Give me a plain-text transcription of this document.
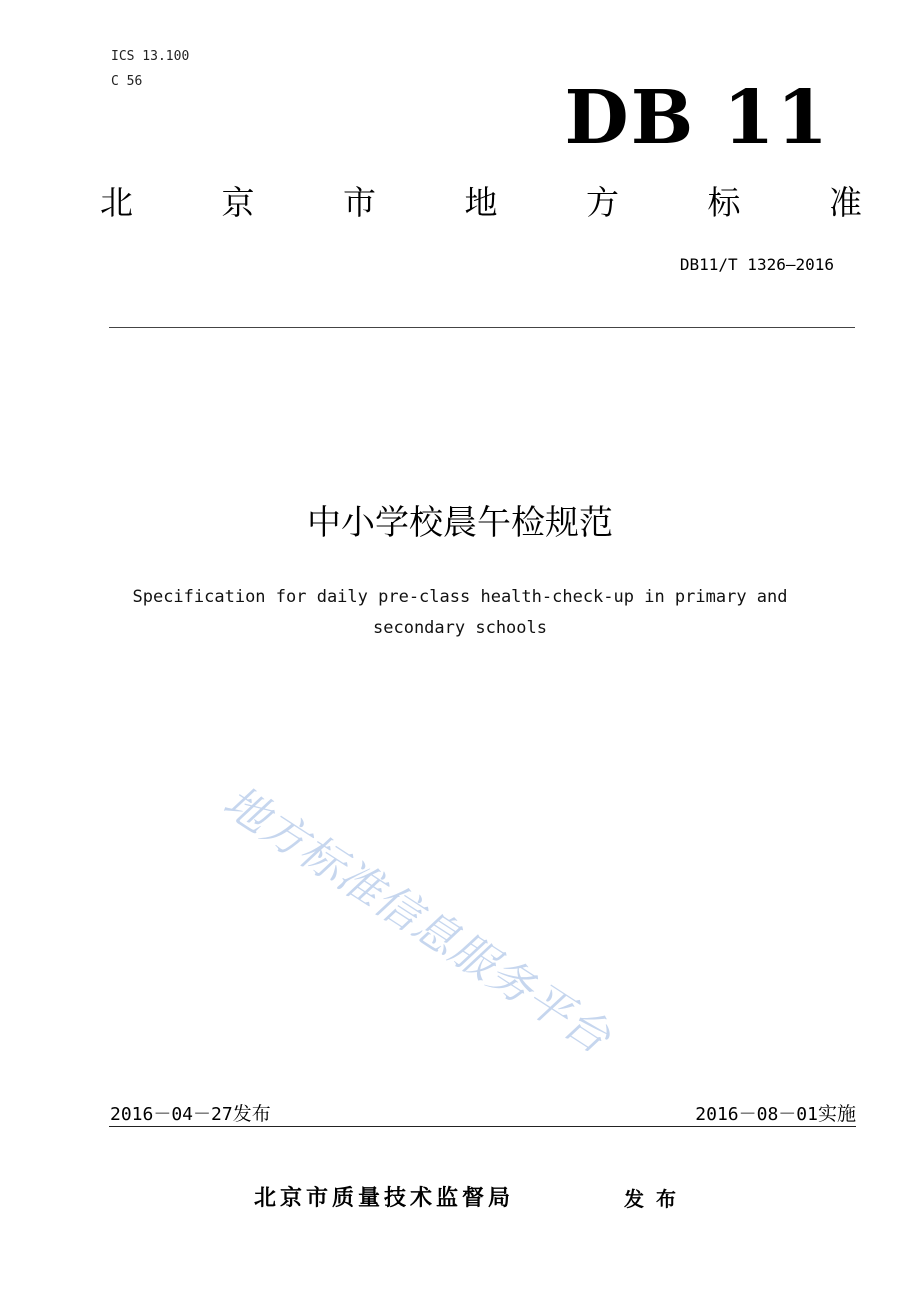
ICS 13.100
C 56	DB 11
北	京	市	地	方	标	准
DB11/T 1326—2016
中小学校晨午检规范
Specification for daily pre-class health-check-up in primary and secondary schools
地方标准信息服务平台
2016－04－27发布	2016－08－01实施
北京市质量技术监督局	发布
